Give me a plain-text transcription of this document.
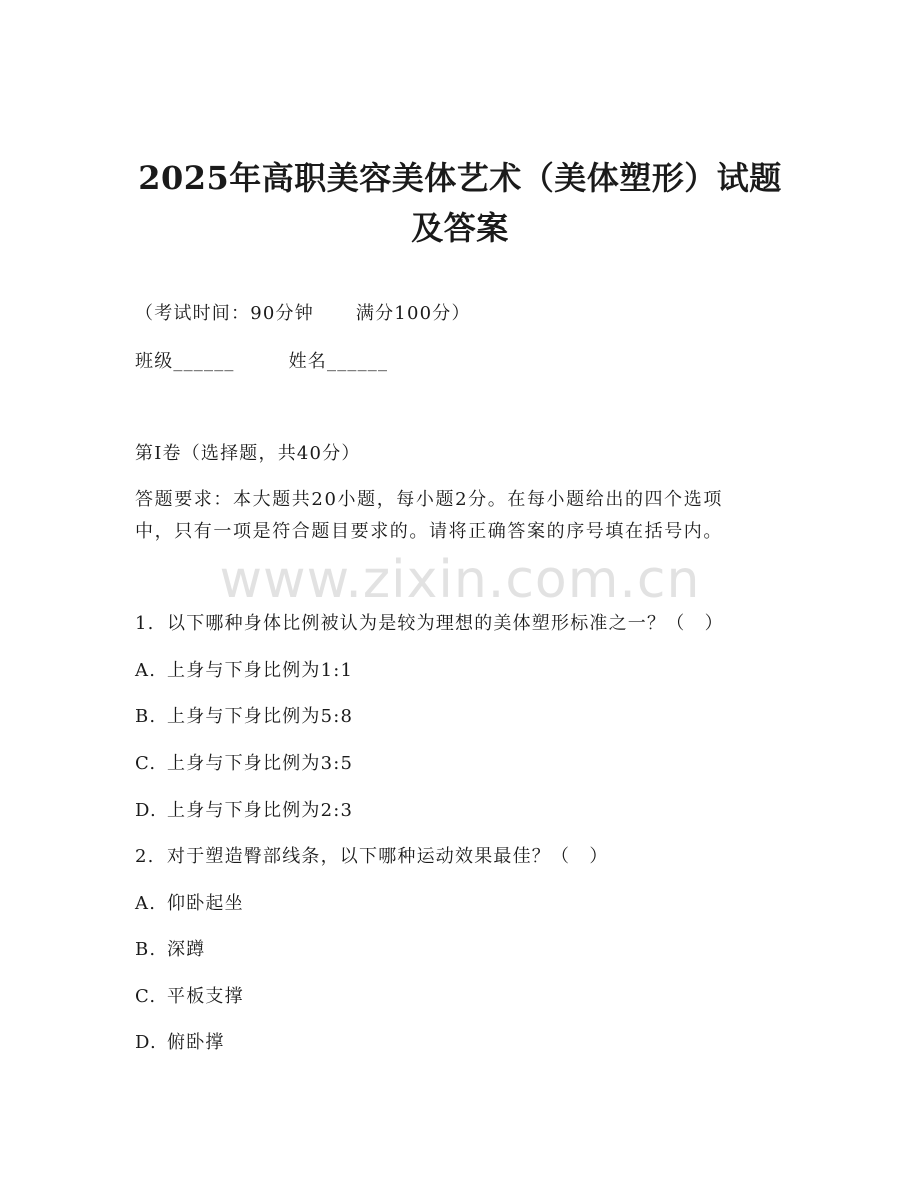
2025年高职美容美体艺术（美体塑形）试题
及答案
（考试时间：90分钟 满分100分）
班级______	姓名______
第Ⅰ卷（选择题，共40分）
答题要求：本大题共20小题，每小题2分。在每小题给出的四个选项
中，只有一项是符合题目要求的。请将正确答案的序号填在括号内。
www.zixin.com.cn
1. 以下哪种身体比例被认为是较为理想的美体塑形标准之一？（　）
A. 上身与下身比例为1:1
B. 上身与下身比例为5:8
C. 上身与下身比例为3:5
D. 上身与下身比例为2:3
2. 对于塑造臀部线条，以下哪种运动效果最佳？（　）
A. 仰卧起坐
B. 深蹲
C. 平板支撑
D. 俯卧撑
